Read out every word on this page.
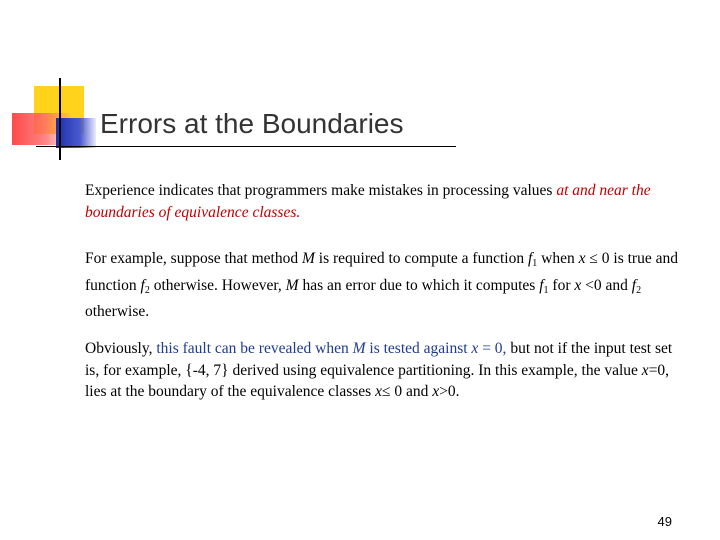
Errors at the Boundaries
Experience indicates that programmers make mistakes in processing values at and near the boundaries of equivalence classes.
For example, suppose that method M is required to compute a function $f_1$ when x ≤ 0 is true and function $f_2$ otherwise. However, M has an error due to which it computes $f_1$ for x <0 and $f_2$ otherwise.
Obviously, this fault can be revealed when M is tested against x = 0, but not if the input test set is, for example, {-4, 7} derived using equivalence partitioning. In this example, the value x=0, lies at the boundary of the equivalence classes x≤ 0 and x>0.
49
